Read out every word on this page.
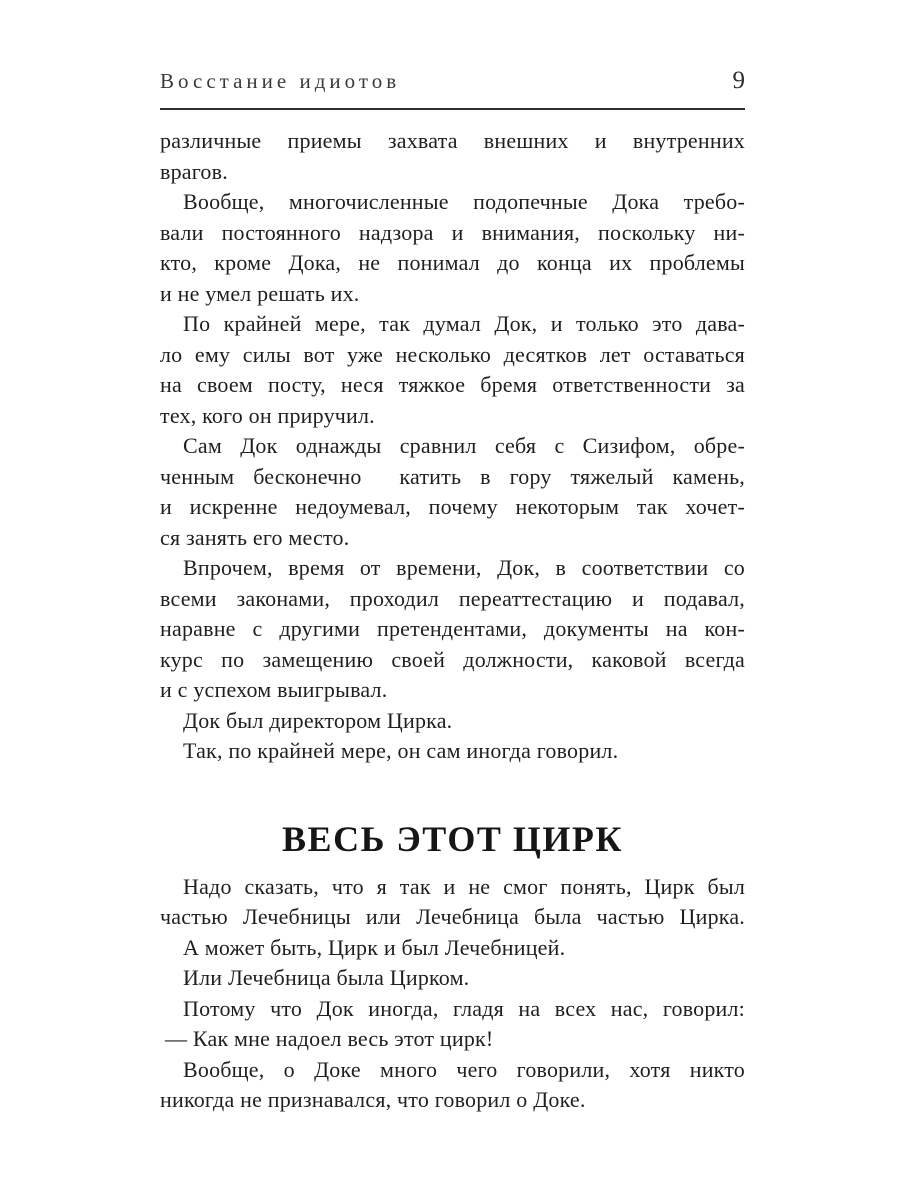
Восстание идиотов	9

различные приемы захвата внешних и внутренних
врагов.

Вообще, многочисленные подопечные Дока требо-
вали постоянного надзора и внимания, поскольку ни-
кто, кроме Дока, не понимал до конца их проблемы
и не умел решать их.

По крайней мере, так думал Док, и только это дава-
ло ему силы вот уже несколько десятков лет оставаться
на своем посту, неся тяжкое бремя ответственности за
тех, кого он приручил.

Сам Док однажды сравнил себя с Сизифом, обре-
ченным бесконечно  катить в гору тяжелый камень,
и искренне недоумевал, почему некоторым так хочет-
ся занять его место.

Впрочем, время от времени, Док, в соответствии со
всеми законами, проходил переаттестацию и подавал,
наравне с другими претендентами, документы на кон-
курс по замещению своей должности, каковой всегда
и с успехом выигрывал.

Док был директором Цирка.

Так, по крайней мере, он сам иногда говорил.

ВЕСЬ ЭТОТ ЦИРК

Надо сказать, что я так и не смог понять, Цирк был
частью Лечебницы или Лечебница была частью Цирка.

А может быть, Цирк и был Лечебницей.

Или Лечебница была Цирком.

Потому что Док иногда, гладя на всех нас, говорил:

— Как мне надоел весь этот цирк!

Вообще, о Доке много чего говорили, хотя никто
никогда не признавался, что говорил о Доке.
